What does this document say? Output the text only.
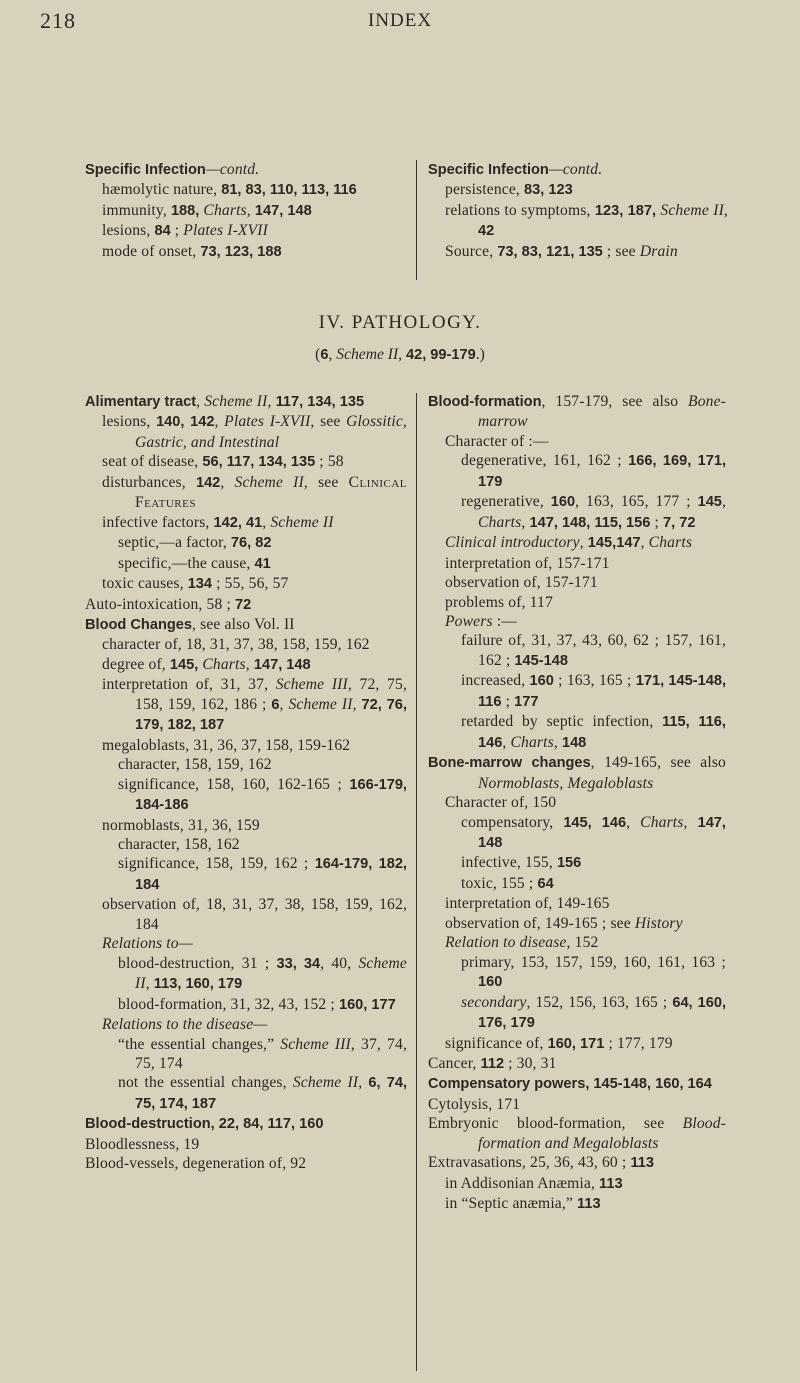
218	INDEX
Specific Infection—contd.
hæmolytic nature, 81, 83, 110, 113, 116
immunity, 188, Charts, 147, 148
lesions, 84 ; Plates I-XVII
mode of onset, 73, 123, 188
Specific Infection—contd.
persistence, 83, 123
relations to symptoms, 123, 187, Scheme II, 42
Source, 73, 83, 121, 135 ; see Drain
IV. PATHOLOGY.
(6, Scheme II, 42, 99-179.)
Alimentary tract, Scheme II, 117, 134, 135
lesions, 140, 142, Plates I-XVII, see Glossitic, Gastric, and Intestinal
seat of disease, 56, 117, 134, 135 ; 58
disturbances, 142, Scheme II, see Clinical Features
infective factors, 142, 41, Scheme II
septic,—a factor, 76, 82
specific,—the cause, 41
toxic causes, 134 ; 55, 56, 57
Auto-intoxication, 58 ; 72
Blood Changes, see also Vol. II
character of, 18, 31, 37, 38, 158, 159, 162
degree of, 145, Charts, 147, 148
interpretation of, 31, 37, Scheme III, 72, 75, 158, 159, 162, 186 ; 6, Scheme II, 72, 76, 179, 182, 187
megaloblasts, 31, 36, 37, 158, 159-162
character, 158, 159, 162
significance, 158, 160, 162-165 ; 166-179, 184-186
normoblasts, 31, 36, 159
character, 158, 162
significance, 158, 159, 162 ; 164-179, 182, 184
observation of, 18, 31, 37, 38, 158, 159, 162, 184
Relations to—
blood-destruction, 31 ; 33, 34, 40, Scheme II, 113, 160, 179
blood-formation, 31, 32, 43, 152 ; 160, 177
Relations to the disease—
“the essential changes,” Scheme III, 37, 74, 75, 174
not the essential changes, Scheme II, 6, 74, 75, 174, 187
Blood-destruction, 22, 84, 117, 160
Bloodlessness, 19
Blood-vessels, degeneration of, 92
Blood-formation, 157-179, see also Bone-marrow
Character of :—
degenerative, 161, 162 ; 166, 169, 171, 179
regenerative, 160, 163, 165, 177 ; 145, Charts, 147, 148, 115, 156 ; 7, 72
Clinical introductory, 145,147, Charts
interpretation of, 157-171
observation of, 157-171
problems of, 117
Powers :—
failure of, 31, 37, 43, 60, 62 ; 157, 161, 162 ; 145-148
increased, 160 ; 163, 165 ; 171, 145-148, 116 ; 177
retarded by septic infection, 115, 116, 146, Charts, 148
Bone-marrow changes, 149-165, see also Normoblasts, Megaloblasts
Character of, 150
compensatory, 145, 146, Charts, 147, 148
infective, 155, 156
toxic, 155 ; 64
interpretation of, 149-165
observation of, 149-165 ; see History
Relation to disease, 152
primary, 153, 157, 159, 160, 161, 163 ; 160
secondary, 152, 156, 163, 165 ; 64, 160, 176, 179
significance of, 160, 171 ; 177, 179
Cancer, 112 ; 30, 31
Compensatory powers, 145-148, 160, 164
Cytolysis, 171
Embryonic blood-formation, see Blood-formation and Megaloblasts
Extravasations, 25, 36, 43, 60 ; 113
in Addisonian Anæmia, 113
in “Septic anæmia,” 113
